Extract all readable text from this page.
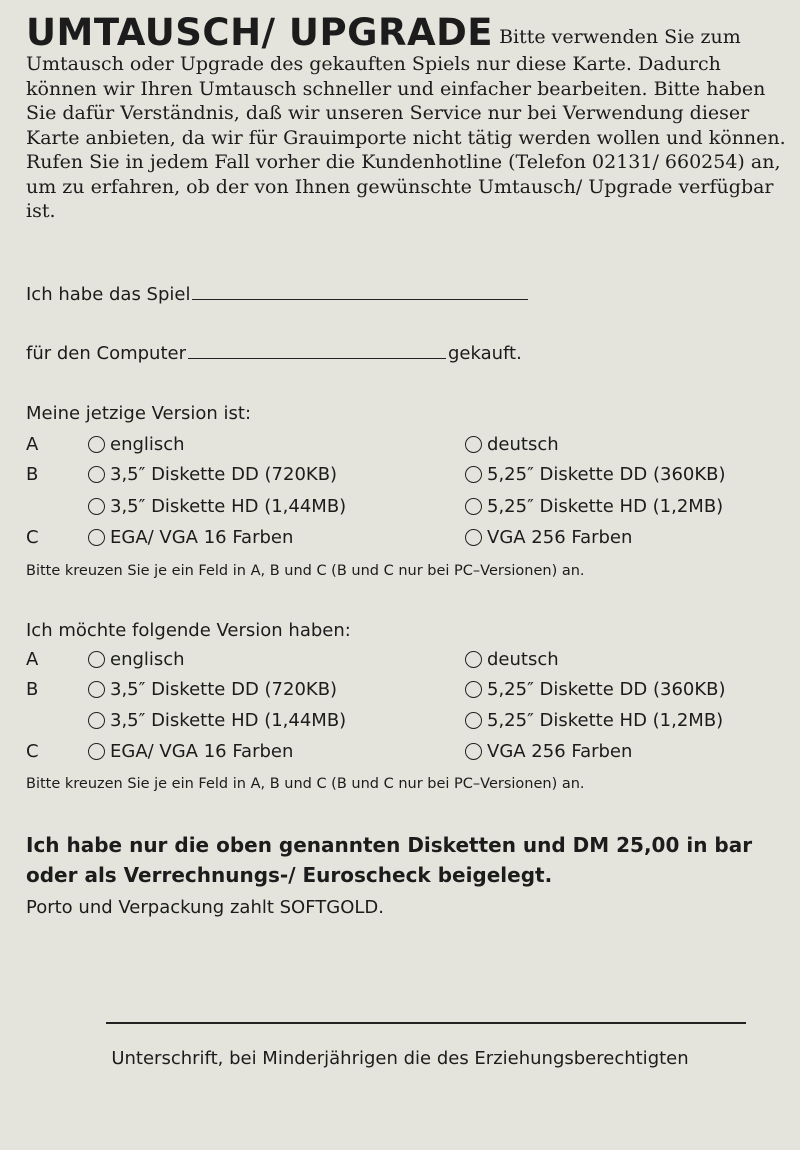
UMTAUSCH/ UPGRADE Bitte verwenden Sie zum Umtausch oder Upgrade des gekauften Spiels nur diese Karte. Dadurch können wir Ihren Umtausch schneller und einfacher bearbeiten. Bitte haben Sie dafür Verständnis, daß wir unseren Service nur bei Verwendung dieser Karte anbieten, da wir für Grauimporte nicht tätig werden wollen und können.
Rufen Sie in jedem Fall vorher die Kundenhotline (Telefon 02131/ 660254) an, um zu erfahren, ob der von Ihnen gewünschte Umtausch/ Upgrade verfügbar ist.

Ich habe das Spiel
für den Computer	gekauft.
Meine jetzige Version ist:
A	englisch	deutsch
B	3,5″ Diskette DD (720KB)	5,25″ Diskette DD (360KB)
3,5″ Diskette HD (1,44MB)	5,25″ Diskette HD (1,2MB)
C	EGA/ VGA 16 Farben	VGA 256 Farben
Bitte kreuzen Sie je ein Feld in A, B und C (B und C nur bei PC–Versionen) an.
Ich möchte folgende Version haben:
A	englisch	deutsch
B	3,5″ Diskette DD (720KB)	5,25″ Diskette DD (360KB)
3,5″ Diskette HD (1,44MB)	5,25″ Diskette HD (1,2MB)
C	EGA/ VGA 16 Farben	VGA 256 Farben
Bitte kreuzen Sie je ein Feld in A, B und C (B und C nur bei PC–Versionen) an.

Ich habe nur die oben genannten Disketten und DM 25,00 in bar oder als Verrechnungs-/ Euroscheck beigelegt.

Porto und Verpackung zahlt SOFTGOLD.
Unterschrift, bei Minderjährigen die des Erziehungsberechtigten
